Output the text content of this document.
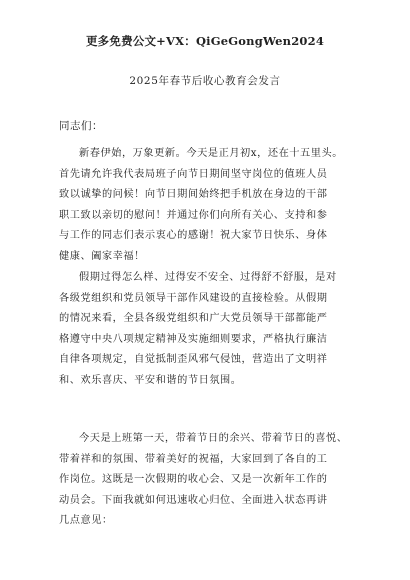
更多免费公文+VX：QiGeGongWen2024
2025年春节后收心教育会发言
同志们：
新春伊始，万象更新。今天是正月初x，还在十五里头。
首先请允许我代表局班子向节日期间坚守岗位的值班人员
致以诚挚的问候！向节日期间始终把手机放在身边的干部
职工致以亲切的慰问！并通过你们向所有关心、支持和参
与工作的同志们表示衷心的感谢！祝大家节日快乐、身体
健康、阖家幸福！
假期过得怎么样、过得安不安全、过得舒不舒服，是对
各级党组织和党员领导干部作风建设的直接检验。从假期
的情况来看，全县各级党组织和广大党员领导干部都能严
格遵守中央八项规定精神及实施细则要求，严格执行廉洁
自律各项规定，自觉抵制歪风邪气侵蚀，营造出了文明祥
和、欢乐喜庆、平安和谐的节日氛围。
今天是上班第一天，带着节日的余兴、带着节日的喜悦、
带着祥和的氛围、带着美好的祝福，大家回到了各自的工
作岗位。这既是一次假期的收心会、又是一次新年工作的
动员会。下面我就如何迅速收心归位、全面进入状态再讲
几点意见：
